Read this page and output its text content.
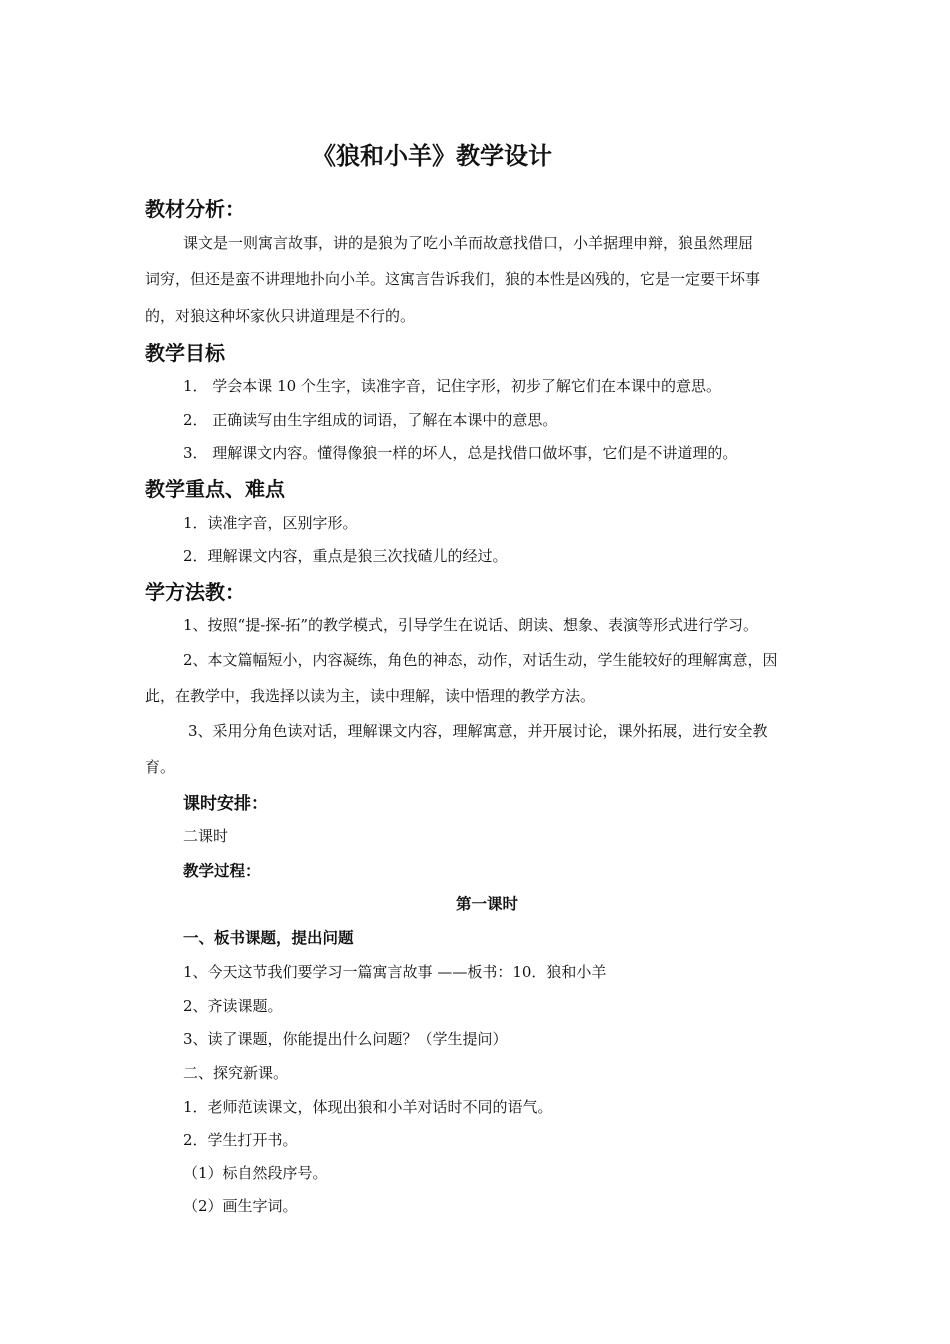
《狼和小羊》教学设计
教材分析：

课文是一则寓言故事，讲的是狼为了吃小羊而故意找借口，小羊据理申辩，狼虽然理屈

词穷，但还是蛮不讲理地扑向小羊。这寓言告诉我们，狼的本性是凶残的，它是一定要干坏事

的，对狼这种坏家伙只讲道理是不行的。

教学目标

1． 学会本课 10 个生字，读准字音，记住字形，初步了解它们在本课中的意思。

2． 正确读写由生字组成的词语，了解在本课中的意思。

3． 理解课文内容。懂得像狼一样的坏人，总是找借口做坏事，它们是不讲道理的。

教学重点、难点

1．读准字音，区别字形。

2．理解课文内容，重点是狼三次找碴儿的经过。

学方法教：

1、按照“提-探-拓”的教学模式，引导学生在说话、朗读、想象、表演等形式进行学习。

2、本文篇幅短小，内容凝练，角色的神态，动作，对话生动，学生能较好的理解寓意，因

此，在教学中，我选择以读为主，读中理解，读中悟理的教学方法。

3、采用分角色读对话，理解课文内容，理解寓意，并开展讨论，课外拓展，进行安全教

育。

课时安排：

二课时

教学过程：
第一课时
一、板书课题，提出问题

1、今天这节我们要学习一篇寓言故事 ——板书：10．狼和小羊

2、齐读课题。

3、读了课题，你能提出什么问题？（学生提问）

二、探究新课。

1．老师范读课文，体现出狼和小羊对话时不同的语气。

2．学生打开书。

（1）标自然段序号。

（2）画生字词。
